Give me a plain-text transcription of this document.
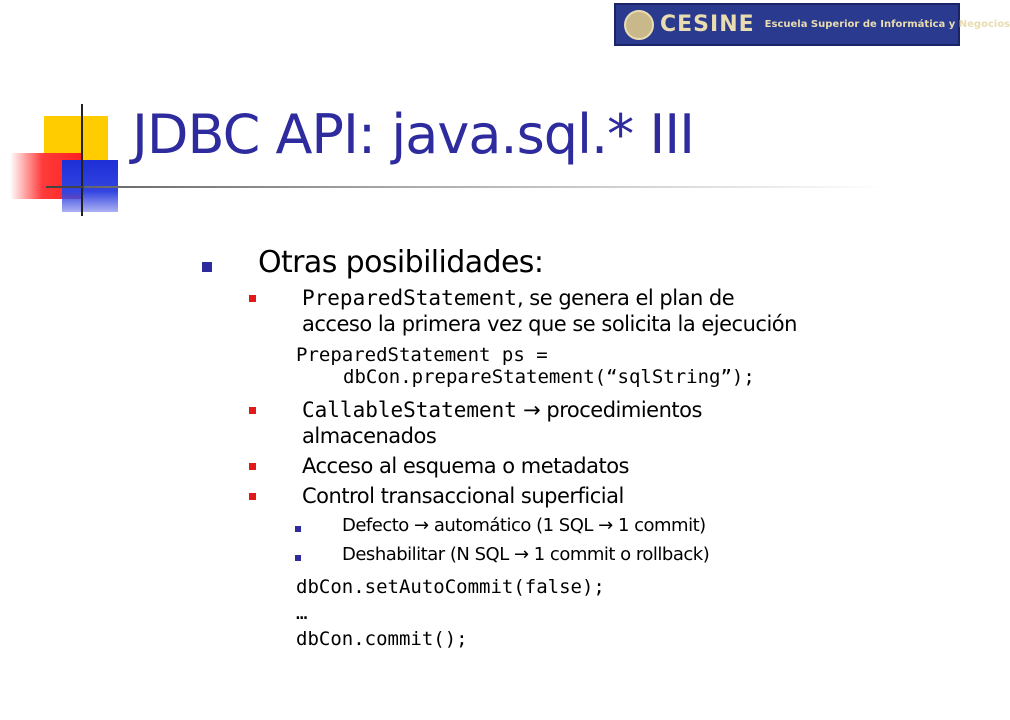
CESINE Escuela Superior de Informática y Negocios
JDBC API: java.sql.* III
Otras posibilidades:
PreparedStatement, se genera el plan de
acceso la primera vez que se solicita la ejecución
PreparedStatement ps =
dbCon.prepareStatement(“sqlString”);
CallableStatement → procedimientos
almacenados
Acceso al esquema o metadatos
Control transaccional superficial
Defecto → automático (1 SQL → 1 commit)
Deshabilitar (N SQL → 1 commit o rollback)
dbCon.setAutoCommit(false);
…
dbCon.commit();
